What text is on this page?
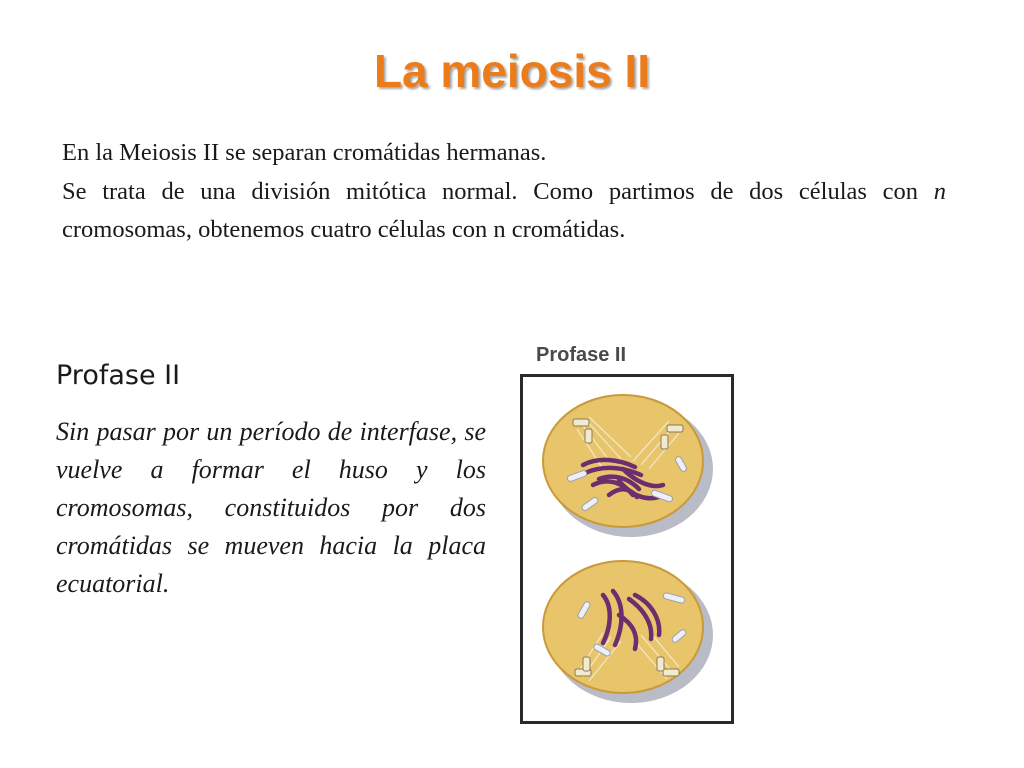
La meiosis II

En la Meiosis II se separan cromátidas hermanas.

Se trata de una división mitótica normal. Como partimos de dos células con n cromosomas, obtenemos cuatro células con n cromátidas.

Profase II

Sin pasar por un período de interfase, se vuelve a formar el huso y los cromosomas, constituidos por dos cromátidas se mueven hacia la placa ecuatorial.

Profase II
